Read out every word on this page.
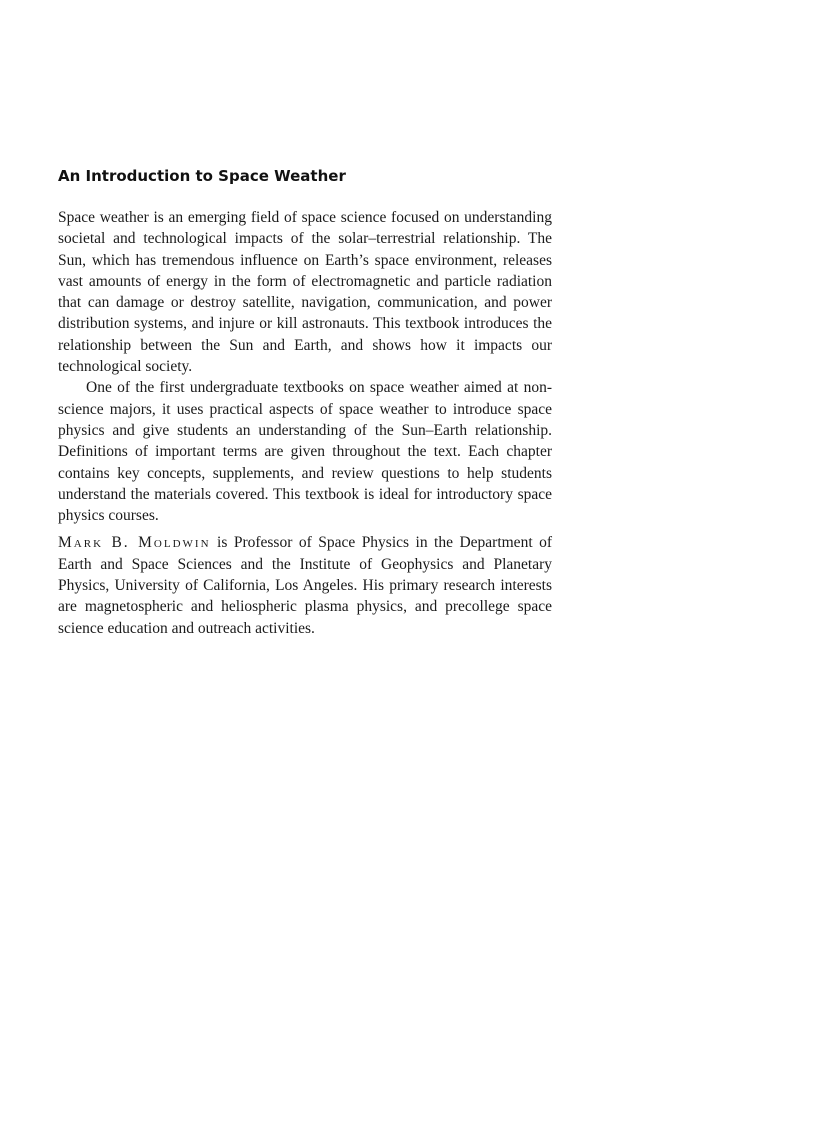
An Introduction to Space Weather

Space weather is an emerging field of space science focused on understanding societal and technological impacts of the solar–terrestrial relationship. The Sun, which has tremendous influence on Earth’s space environment, releases vast amounts of energy in the form of electromagnetic and particle radiation that can damage or destroy satellite, navigation, communication, and power distribution systems, and injure or kill astronauts. This textbook introduces the relationship between the Sun and Earth, and shows how it impacts our technological society.

One of the first undergraduate textbooks on space weather aimed at non-science majors, it uses practical aspects of space weather to introduce space physics and give students an understanding of the Sun–Earth relationship. Definitions of important terms are given throughout the text. Each chapter contains key concepts, supplements, and review questions to help students understand the materials covered. This textbook is ideal for introductory space physics courses.

Mark B. Moldwin is Professor of Space Physics in the Department of Earth and Space Sciences and the Institute of Geophysics and Planetary Physics, University of California, Los Angeles. His primary research interests are magnetospheric and heliospheric plasma physics, and precollege space science education and outreach activities.
